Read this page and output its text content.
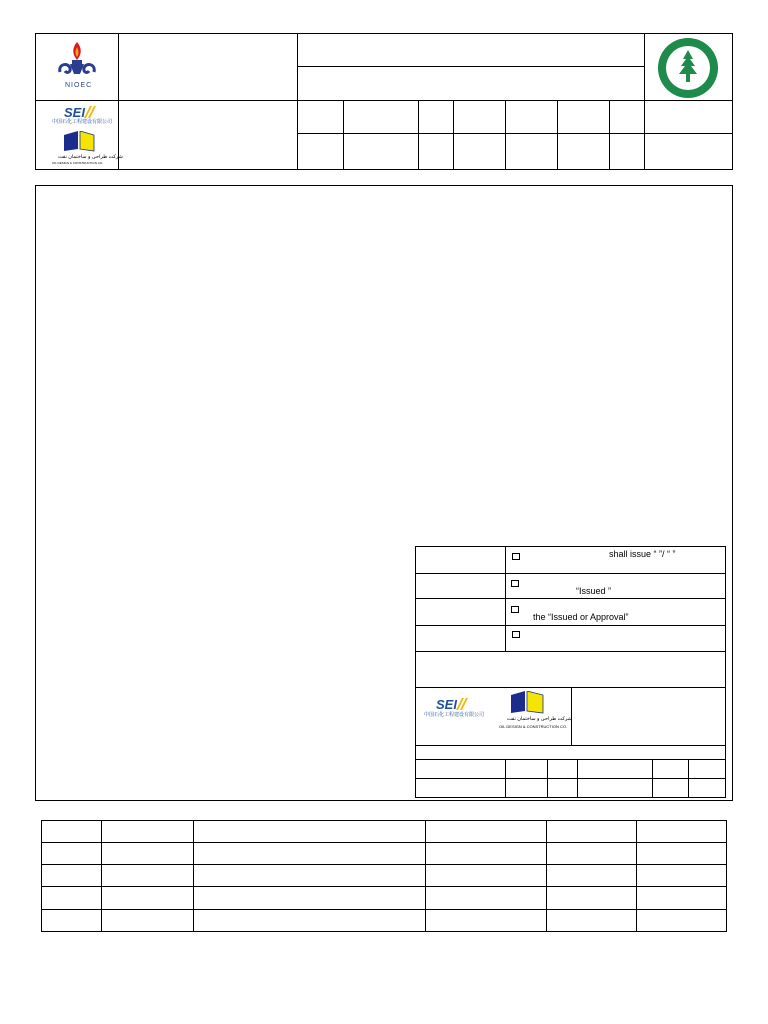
NIOEC
SEI
中国石化工程建设有限公司
شرکت طراحی و ساختمان نفت
OIL DESIGN & CONSTRUCTION CO.
shall issue “ ”/ “ ”
“Issued ”
the “Issued or Approval”
SEI
中国石化工程建设有限公司
شرکت طراحی و ساختمان نفت
OIL DESIGN & CONSTRUCTION CO.
